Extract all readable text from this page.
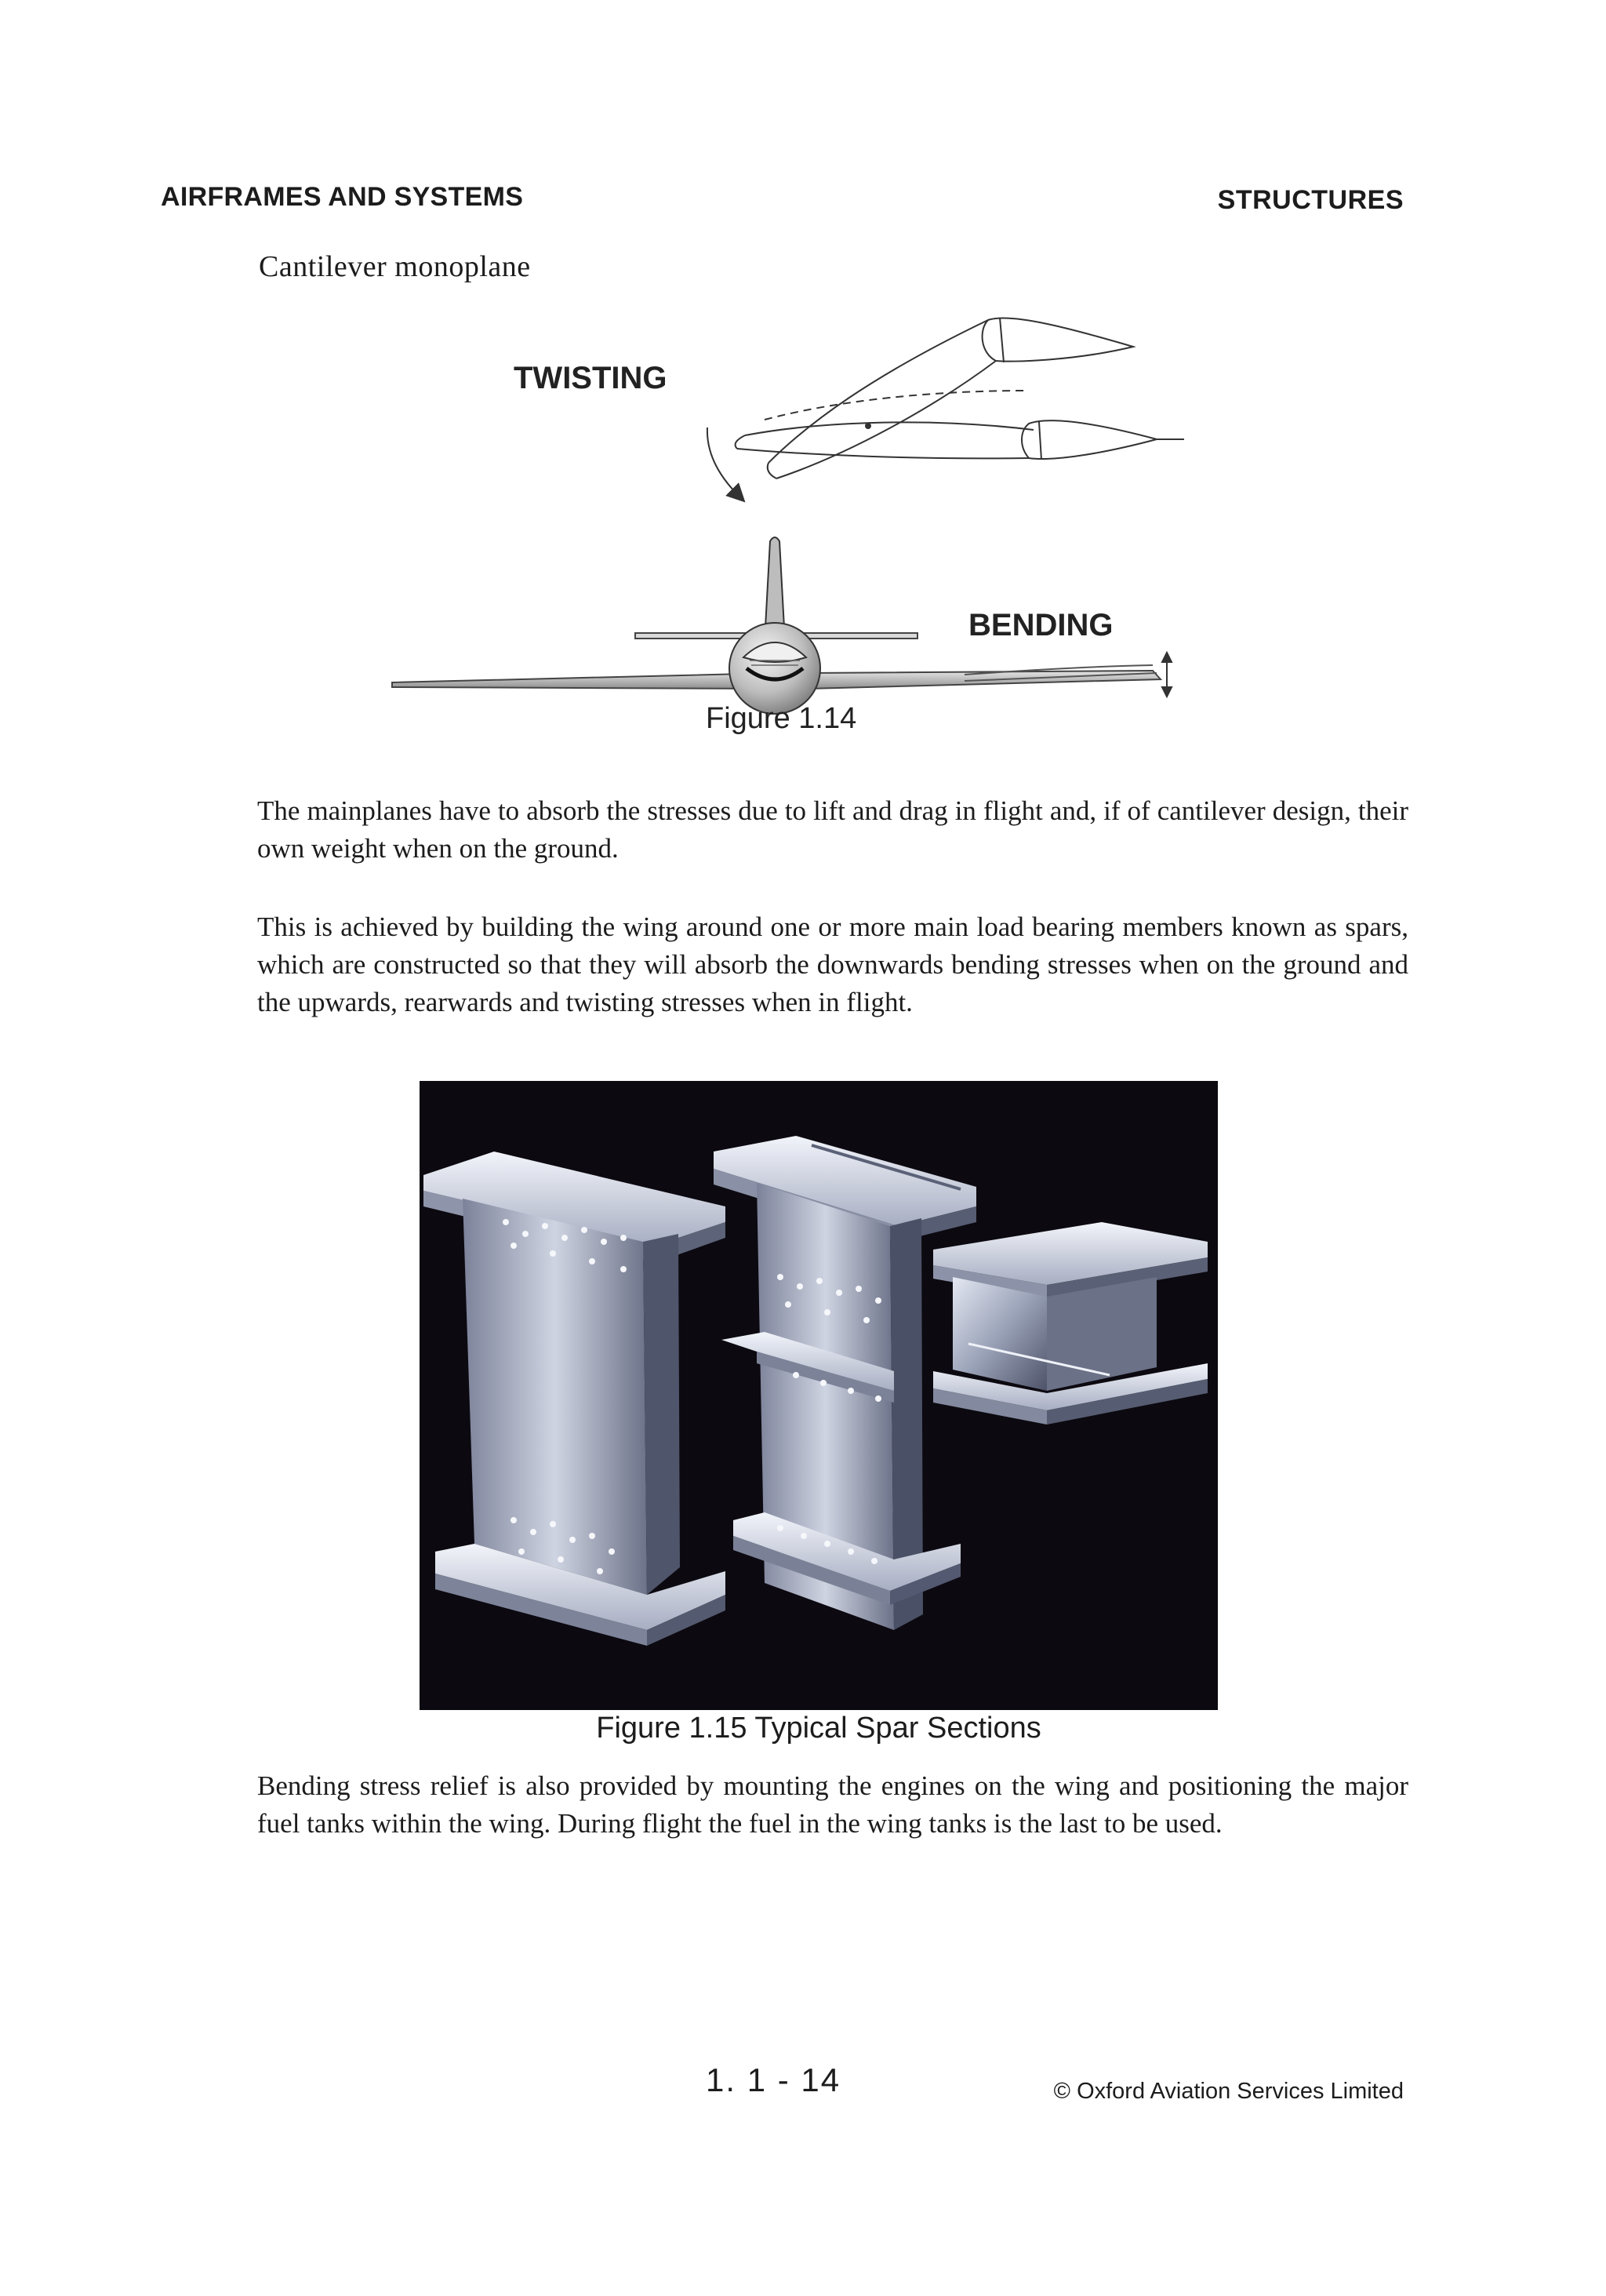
AIRFRAMES AND SYSTEMS	STRUCTURES
Cantilever monoplane
TWISTING
BENDING
Figure 1.14

The mainplanes have to absorb the stresses due to lift and drag in flight and, if of cantilever design, their own weight when on the ground.

This is achieved by building the wing around one or more main load bearing members known as spars, which are constructed so that they will absorb the downwards bending stresses when on the ground and the upwards, rearwards and twisting stresses when in flight.

Figure 1.15 Typical Spar Sections

Bending stress relief is also provided by mounting the engines on the wing and positioning the major fuel tanks within the wing. During flight the fuel in the wing tanks is the last to be used.

1. 1 - 14	© Oxford Aviation Services Limited
